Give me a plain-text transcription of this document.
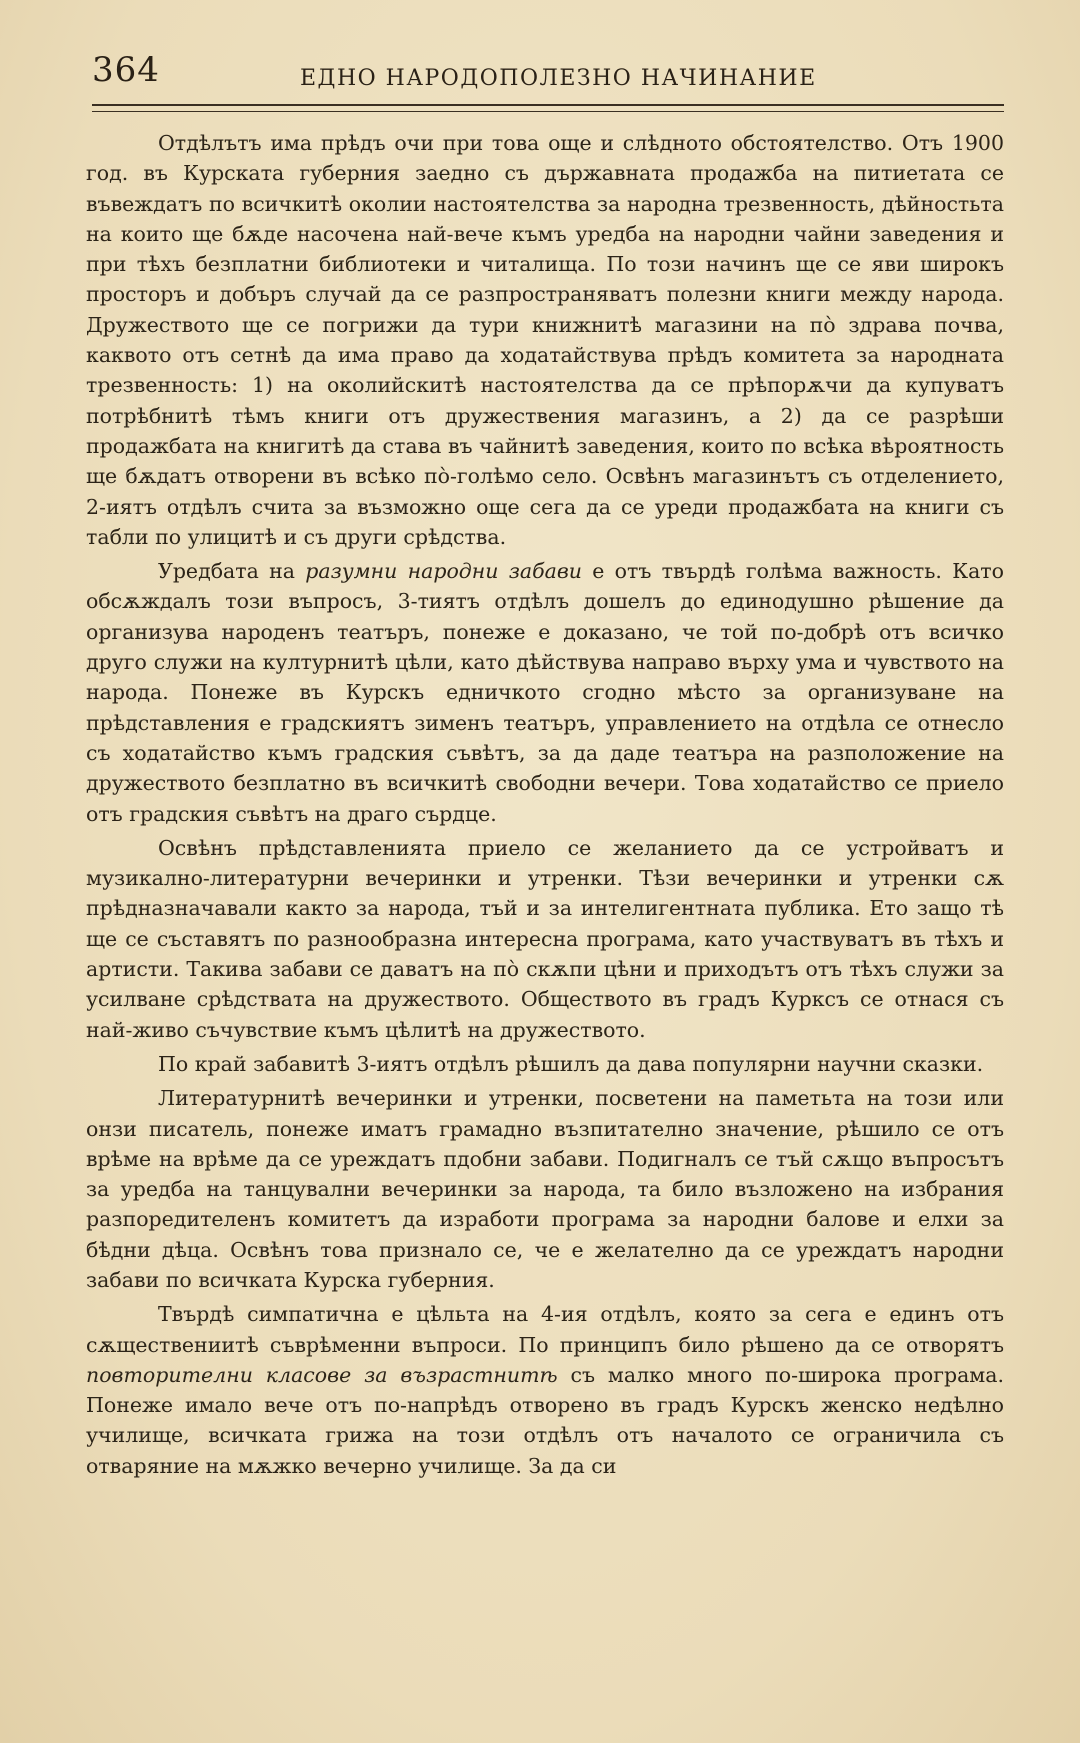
364	ЕДНО НАРОДОПОЛЕЗНО НАЧИНАНИЕ

Отдѣлътъ има прѣдъ очи при това още и слѣдното обстоятелство. Отъ 1900 год. въ Курската губерния заедно съ държавната продажба на питиетата се въвеждатъ по всичкитѣ околии настоятелства за народна трезвенность, дѣйностьта на които ще бѫде насочена най-вече къмъ уредба на народни чайни заведения и при тѣхъ безплатни библиотеки и читалища. По този начинъ ще се яви широкъ просторъ и добъръ случай да се разпространяватъ полезни книги между народа. Дружеството ще се погрижи да тури книжнитѣ магазини на по̀ здрава почва, каквото отъ сетнѣ да има право да ходатайствува прѣдъ комитета за народната трезвенность: 1) на околийскитѣ настоятелства да се прѣпорѫчи да купуватъ потрѣбнитѣ тѣмъ книги отъ дружествения магазинъ, а 2) да се разрѣши продажбата на книгитѣ да става въ чайнитѣ заведения, които по всѣка вѣроятность ще бѫдатъ отворени въ всѣко по̀-голѣмо село. Освѣнъ магазинътъ съ отделението, 2-иятъ отдѣлъ счита за възможно още сега да се уреди продажбата на книги съ табли по улицитѣ и съ други срѣдства.

Уредбата на разумни народни забави е отъ твърдѣ голѣма важность. Като обсѫждалъ този въпросъ, 3-тиятъ отдѣлъ дошелъ до единодушно рѣшение да организува народенъ театъръ, понеже е доказано, че той по-добрѣ отъ всичко друго служи на културнитѣ цѣли, като дѣйствува направо върху ума и чувството на народа. Понеже въ Курскъ едничкото сгодно мѣсто за организуване на прѣдставления е градскиятъ зименъ театъръ, управлението на отдѣла се отнесло съ ходатайство къмъ градския съвѣтъ, за да даде театъра на разположение на дружеството безплатно въ всичкитѣ свободни вечери. Това ходатайство се приело отъ градския съвѣтъ на драго сърдце.

Освѣнъ прѣдставленията приело се желанието да се устройватъ и музикално-литературни вечеринки и утренки. Тѣзи вечеринки и утренки сѫ прѣдназначавали както за народа, тъй и за интелигентната публика. Ето защо тѣ ще се съставятъ по разнообразна интересна програма, като участвуватъ въ тѣхъ и артисти. Такива забави се даватъ на по̀ скѫпи цѣни и приходътъ отъ тѣхъ служи за усилване срѣдствата на дружеството. Обществото въ градъ Курксъ се отнася съ най-живо съчувствие къмъ цѣлитѣ на дружеството.

По край забавитѣ 3-иятъ отдѣлъ рѣшилъ да дава популярни научни сказки.

Литературнитѣ вечеринки и утренки, посветени на паметьта на този или онзи писатель, понеже иматъ грамадно възпитателно значение, рѣшило се отъ врѣме на врѣме да се уреждатъ пдобни забави. Подигналъ се тъй сѫщо въпросътъ за уредба на танцувални вечеринки за народа, та било възложено на избрания разпорeдителенъ комитетъ да изработи програма за народни балове и елхи за бѣдни дѣца. Освѣнъ това признало се, че е желателно да се уреждатъ народни забави по всичката Курска губерния.

Твърдѣ симпатична е цѣльта на 4-ия отдѣлъ, която за сега е единъ отъ сѫществениитѣ съврѣменни въпроси. По принципъ било рѣшено да се отворятъ повторителни класове за възрастнитѣ съ малко много по-широка програма. Понеже имало вече отъ по-напрѣдъ отворено въ градъ Курскъ женско недѣлно училище, всичката грижа на този отдѣлъ отъ началото се ограничила съ отваряние на мѫжко вечерно училище. За да си
